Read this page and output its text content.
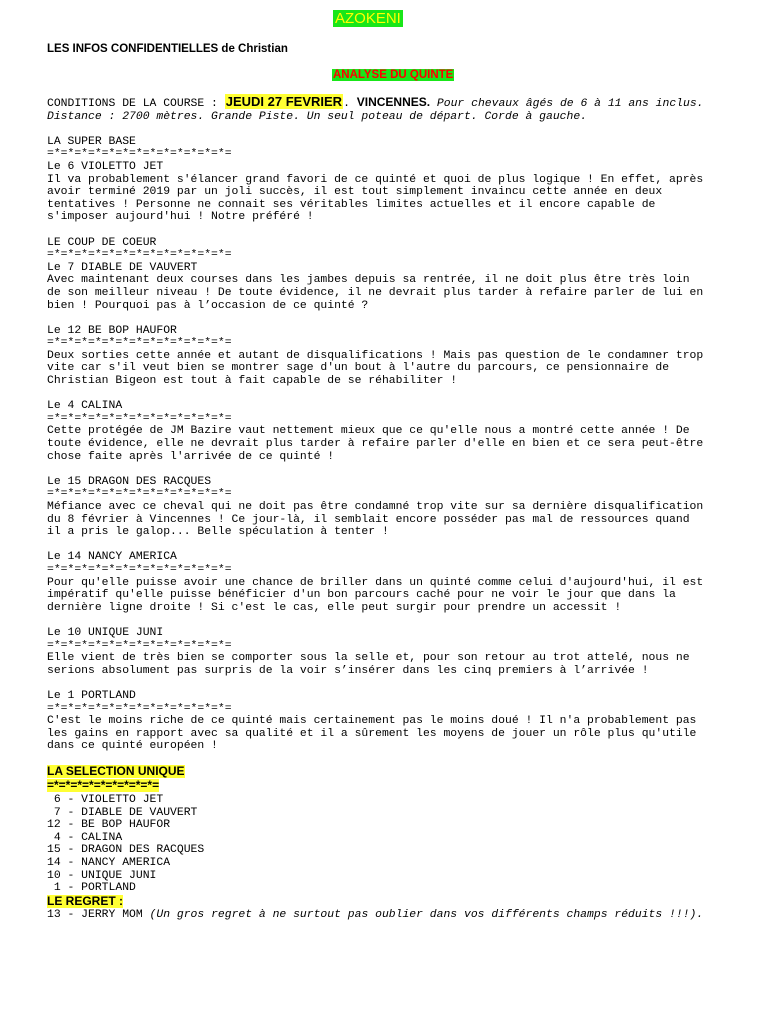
AZOKENI
LES INFOS CONFIDENTIELLES de Christian
ANALYSE DU QUINTE
CONDITIONS DE LA COURSE : JEUDI 27 FEVRIER. VINCENNES. Pour chevaux âgés de 6 à 11 ans inclus.
Distance : 2700 mètres. Grande Piste. Un seul poteau de départ. Corde à gauche.
LA SUPER BASE
=*=*=*=*=*=*=*=*=*=*=*=*=*=
Le 6 VIOLETTO JET
Il va probablement s'élancer grand favori de ce quinté et quoi de plus logique ! En effet, après
avoir terminé 2019 par un joli succès, il est tout simplement invaincu cette année en deux
tentatives ! Personne ne connait ses véritables limites actuelles et il encore capable de
s'imposer aujourd'hui ! Notre préféré !
LE COUP DE COEUR
=*=*=*=*=*=*=*=*=*=*=*=*=*=
Le 7 DIABLE DE VAUVERT
Avec maintenant deux courses dans les jambes depuis sa rentrée, il ne doit plus être très loin
de son meilleur niveau ! De toute évidence, il ne devrait plus tarder à refaire parler de lui en
bien ! Pourquoi pas à l’occasion de ce quinté ?
Le 12 BE BOP HAUFOR
=*=*=*=*=*=*=*=*=*=*=*=*=*=
Deux sorties cette année et autant de disqualifications ! Mais pas question de le condamner trop
vite car s'il veut bien se montrer sage d'un bout à l'autre du parcours, ce pensionnaire de
Christian Bigeon est tout à fait capable de se réhabiliter !
Le 4 CALINA
=*=*=*=*=*=*=*=*=*=*=*=*=*=
Cette protégée de JM Bazire vaut nettement mieux que ce qu'elle nous a montré cette année ! De
toute évidence, elle ne devrait plus tarder à refaire parler d'elle en bien et ce sera peut-être
chose faite après l'arrivée de ce quinté !
Le 15 DRAGON DES RACQUES
=*=*=*=*=*=*=*=*=*=*=*=*=*=
Méfiance avec ce cheval qui ne doit pas être condamné trop vite sur sa dernière disqualification
du 8 février à Vincennes ! Ce jour-là, il semblait encore posséder pas mal de ressources quand
il a pris le galop... Belle spéculation à tenter !
Le 14 NANCY AMERICA
=*=*=*=*=*=*=*=*=*=*=*=*=*=
Pour qu'elle puisse avoir une chance de briller dans un quinté comme celui d'aujourd'hui, il est
impératif qu'elle puisse bénéficier d'un bon parcours caché pour ne voir le jour que dans la
dernière ligne droite ! Si c'est le cas, elle peut surgir pour prendre un accessit !
Le 10 UNIQUE JUNI
=*=*=*=*=*=*=*=*=*=*=*=*=*=
Elle vient de très bien se comporter sous la selle et, pour son retour au trot attelé, nous ne
serions absolument pas surpris de la voir s’insérer dans les cinq premiers à l’arrivée !
Le 1 PORTLAND
=*=*=*=*=*=*=*=*=*=*=*=*=*=
C'est le moins riche de ce quinté mais certainement pas le moins doué ! Il n'a probablement pas
les gains en rapport avec sa qualité et il a sûrement les moyens de jouer un rôle plus qu'utile
dans ce quinté européen !
LA SELECTION UNIQUE
=*=*=*=*=*=*=*=*=*=
6 - VIOLETTO JET
7 - DIABLE DE VAUVERT
12 - BE BOP HAUFOR
4 - CALINA
15 - DRAGON DES RACQUES
14 - NANCY AMERICA
10 - UNIQUE JUNI
1 - PORTLAND
LE REGRET :
13 - JERRY MOM (Un gros regret à ne surtout pas oublier dans vos différents champs réduits !!!).
